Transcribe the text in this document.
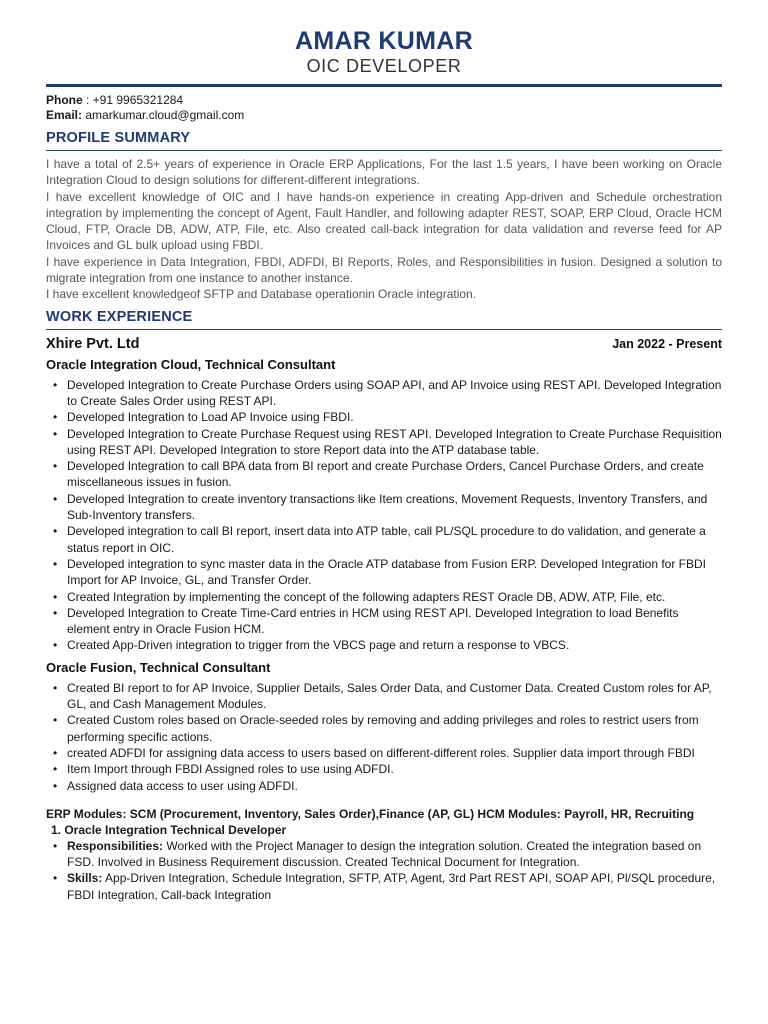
AMAR KUMAR
OIC DEVELOPER
Phone : +91 9965321284
Email: amarkumar.cloud@gmail.com
PROFILE SUMMARY

I have a total of 2.5+ years of experience in Oracle ERP Applications, For the last 1.5 years, I have been working on Oracle Integration Cloud to design solutions for different-different integrations.

I have excellent knowledge of OIC and I have hands-on experience in creating App-driven and Schedule orchestration integration by implementing the concept of Agent, Fault Handler, and following adapter REST, SOAP, ERP Cloud, Oracle HCM Cloud, FTP, Oracle DB, ADW, ATP, File, etc. Also created call-back integration for data validation and reverse feed for AP Invoices and GL bulk upload using FBDI.

I have experience in Data Integration, FBDI, ADFDI, BI Reports, Roles, and Responsibilities in fusion. Designed a solution to migrate integration from one instance to another instance.

I have excellent knowledgeof SFTP and Database operationin Oracle integration.

WORK EXPERIENCE
Xhire Pvt. Ltd	Jan 2022 - Present
Oracle Integration Cloud, Technical Consultant
• Developed Integration to Create Purchase Orders using SOAP API, and AP Invoice using REST API. Developed Integration to Create Sales Order using REST API.
• Developed Integration to Load AP Invoice using FBDI.
• Developed Integration to Create Purchase Request using REST API. Developed Integration to Create Purchase Requisition using REST API. Developed Integration to store Report data into the ATP database table.
• Developed Integration to call BPA data from BI report and create Purchase Orders, Cancel Purchase Orders, and create miscellaneous issues in fusion.
• Developed Integration to create inventory transactions like Item creations, Movement Requests, Inventory Transfers, and Sub-Inventory transfers.
• Developed integration to call BI report, insert data into ATP table, call PL/SQL procedure to do validation, and generate a status report in OIC.
• Developed integration to sync master data in the Oracle ATP database from Fusion ERP. Developed Integration for FBDI Import for AP Invoice, GL, and Transfer Order.
• Created Integration by implementing the concept of the following adapters REST Oracle DB, ADW, ATP, File, etc.
• Developed Integration to Create Time-Card entries in HCM using REST API. Developed Integration to load Benefits element entry in Oracle Fusion HCM.
• Created App-Driven integration to trigger from the VBCS page and return a response to VBCS.
Oracle Fusion, Technical Consultant
• Created BI report to for AP Invoice, Supplier Details, Sales Order Data, and Customer Data. Created Custom roles for AP, GL, and Cash Management Modules.
• Created Custom roles based on Oracle-seeded roles by removing and adding privileges and roles to restrict users from performing specific actions.
• created ADFDI for assigning data access to users based on different-different roles. Supplier data import through FBDI
• Item Import through FBDI Assigned roles to use using ADFDI.
• Assigned data access to user using ADFDI.
ERP Modules: SCM (Procurement, Inventory, Sales Order),Finance (AP, GL) HCM Modules: Payroll, HR, Recruiting
1. Oracle Integration Technical Developer
• Responsibilities: Worked with the Project Manager to design the integration solution. Created the integration based on FSD. Involved in Business Requirement discussion. Created Technical Document for Integration.
• Skills: App-Driven Integration, Schedule Integration, SFTP, ATP, Agent, 3rd Part REST API, SOAP API, Pl/SQL procedure, FBDI Integration, Call-back Integration
